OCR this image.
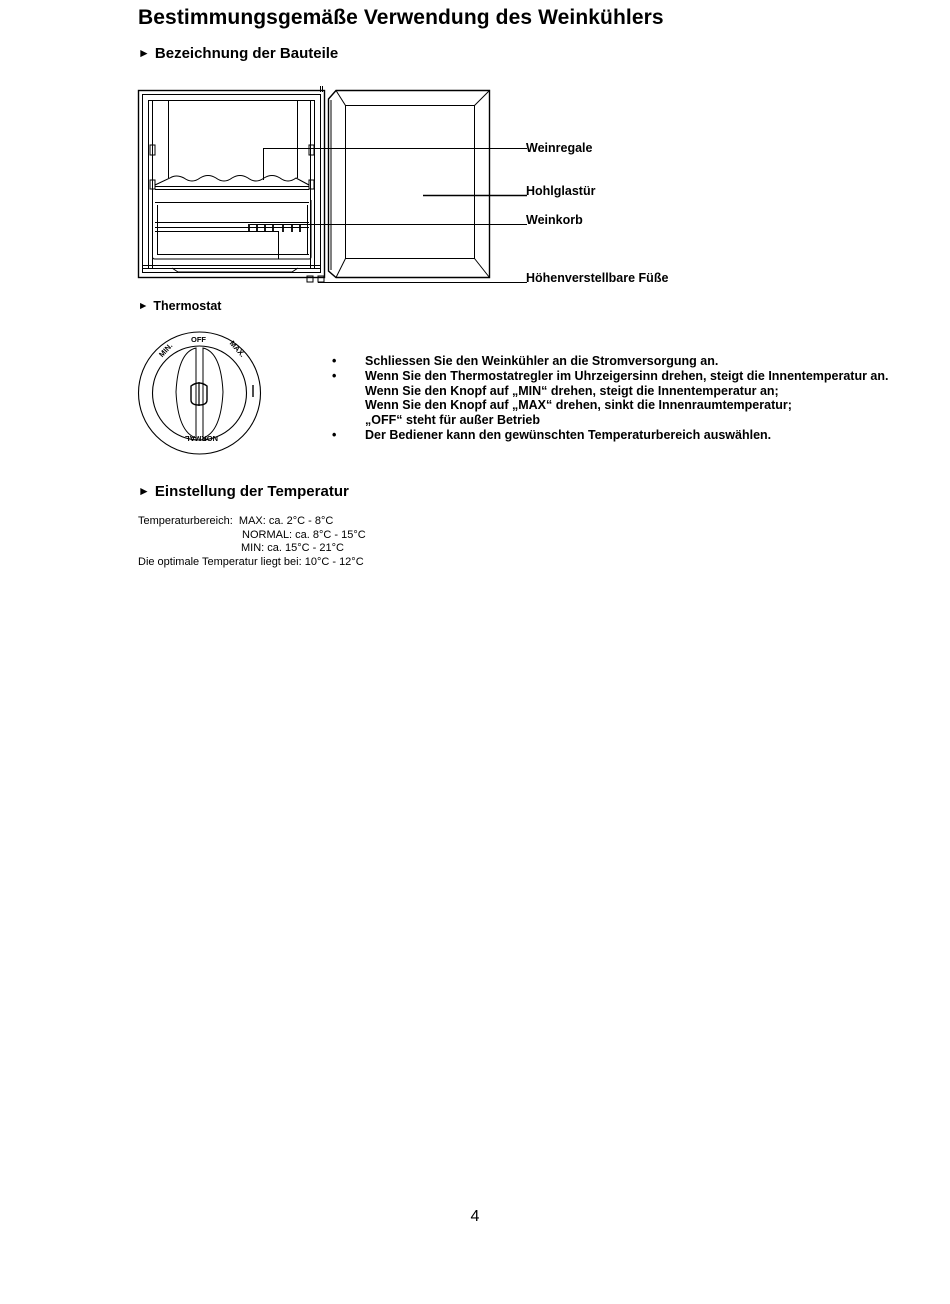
Bestimmungsgemäße Verwendung des Weinkühlers
► Bezeichnung der Bauteile
Weinregale
Hohlglastür
Weinkorb
Höhenverstellbare Füße
► Thermostat
MIN.
OFF	MAX.
NORMAL
• Schliessen Sie den Weinkühler an die Stromversorgung an.
• Wenn Sie den Thermostatregler im Uhrzeigersinn drehen, steigt die Innentemperatur an.
Wenn Sie den Knopf auf „MIN“ drehen, steigt die Innentemperatur an;
Wenn Sie den Knopf auf „MAX“ drehen, sinkt die Innenraumtemperatur;
„OFF“ steht für außer Betrieb
• Der Bediener kann den gewünschten Temperaturbereich auswählen.
► Einstellung der Temperatur
Temperaturbereich: MAX: ca. 2°C - 8°C
NORMAL: ca. 8°C - 15°C
MIN: ca. 15°C - 21°C
Die optimale Temperatur liegt bei: 10°C - 12°C
4
